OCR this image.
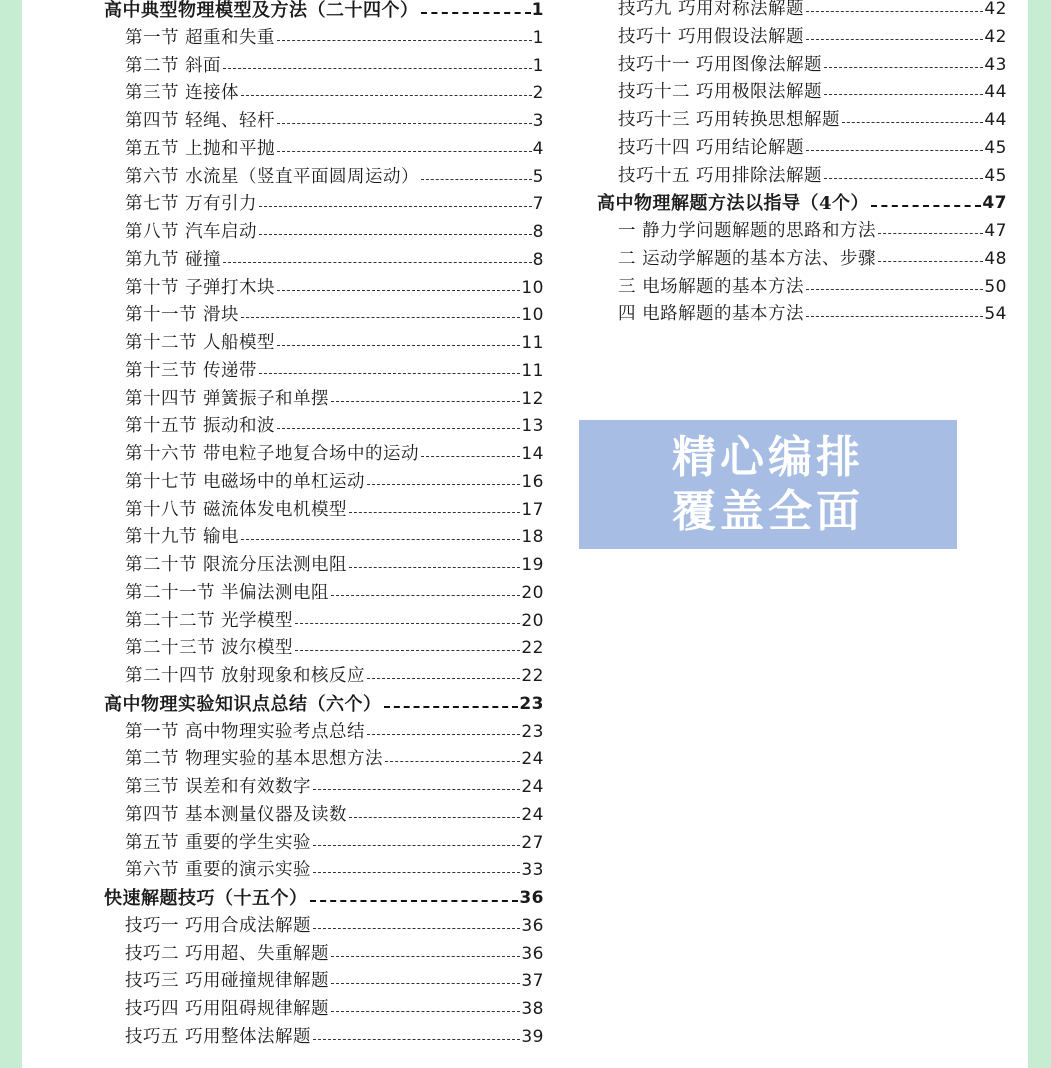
高中典型物理模型及方法（二十四个）	1
第一节 超重和失重	1
第二节 斜面	1
第三节 连接体	2
第四节 轻绳、轻杆	3
第五节 上抛和平抛	4
第六节 水流星（竖直平面圆周运动）	5
第七节 万有引力	7
第八节 汽车启动	8
第九节 碰撞	8
第十节 子弹打木块	10
第十一节 滑块	10
第十二节 人船模型	11
第十三节 传递带	11
第十四节 弹簧振子和单摆	12
第十五节 振动和波	13
第十六节 带电粒子地复合场中的运动	14
第十七节 电磁场中的单杠运动	16
第十八节 磁流体发电机模型	17
第十九节 输电	18
第二十节 限流分压法测电阻	19
第二十一节 半偏法测电阻	20
第二十二节 光学模型	20
第二十三节 波尔模型	22
第二十四节 放射现象和核反应	22
高中物理实验知识点总结（六个）	23
第一节 高中物理实验考点总结	23
第二节 物理实验的基本思想方法	24
第三节 误差和有效数字	24
第四节 基本测量仪器及读数	24
第五节 重要的学生实验	27
第六节 重要的演示实验	33
快速解题技巧（十五个）	36
技巧一 巧用合成法解题	36
技巧二 巧用超、失重解题	36
技巧三 巧用碰撞规律解题	37
技巧四 巧用阻碍规律解题	38
技巧五 巧用整体法解题	39
技巧九 巧用对称法解题	42
技巧十 巧用假设法解题	42
技巧十一 巧用图像法解题	43
技巧十二 巧用极限法解题	44
技巧十三 巧用转换思想解题	44
技巧十四 巧用结论解题	45
技巧十五 巧用排除法解题	45
高中物理解题方法以指导（4个）	47
一 静力学问题解题的思路和方法	47
二 运动学解题的基本方法、步骤	48
三 电场解题的基本方法	50
四 电路解题的基本方法	54
精心编排
覆盖全面
